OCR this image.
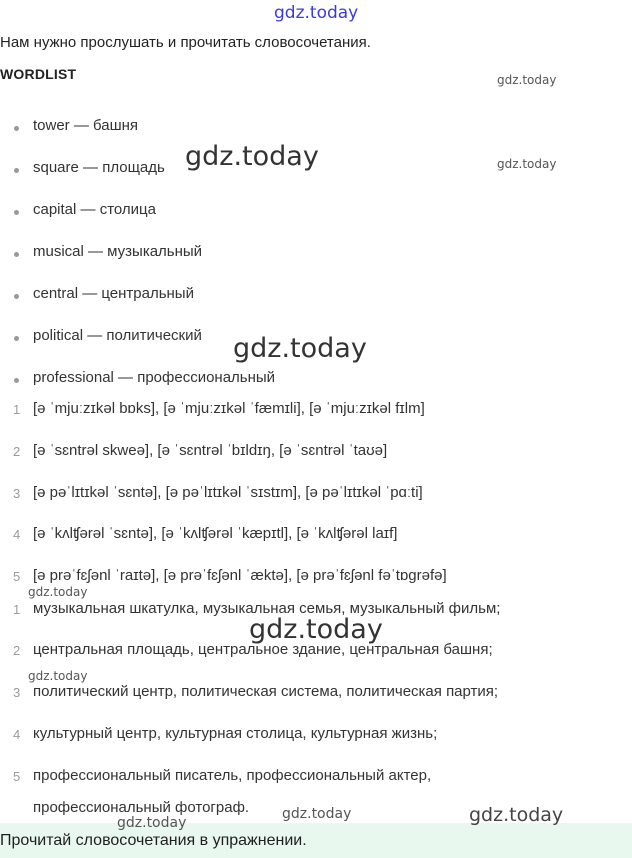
gdz.today
Нам нужно прослушать и прочитать словосочетания.
WORDLIST
tower — башня
square — площадь
capital — столица
musical — музыкальный
central — центральный
political — политический
professional — профессиональный
1 [ə ˈmjuːzɪkəl bɒks], [ə ˈmjuːzɪkəl ˈfæmɪli], [ə ˈmjuːzɪkəl fɪlm]
2 [ə ˈsɛntrəl skweə], [ə ˈsɛntrəl ˈbɪldɪŋ, [ə ˈsɛntrəl ˈtaʊə]
3 [ə pəˈlɪtɪkəl ˈsɛntə], [ə pəˈlɪtɪkəl ˈsɪstɪm], [ə pəˈlɪtɪkəl ˈpɑːti]
4 [ə ˈkʌlʧərəl ˈsɛntə], [ə ˈkʌlʧərəl ˈkæpɪtl], [ə ˈkʌlʧərəl laɪf]
5 [ə prəˈfɛʃənl ˈraɪtə], [ə prəˈfɛʃənl ˈæktə], [ə prəˈfɛʃənl fəˈtɒgrəfə]
1 музыкальная шкатулка, музыкальная семья, музыкальный фильм;
2 центральная площадь, центральное здание, центральная башня;
3 политический центр, политическая система, политическая партия;
4 культурный центр, культурная столица, культурная жизнь;
5 профессиональный писатель, профессиональный актер,
профессиональный фотограф.
Прочитай словосочетания в упражнении.
gdz.today
gdz.today	gdz.today
gdz.today
gdz.today
gdz.today
gdz.today
gdz.today
gdz.today	gdz.today
